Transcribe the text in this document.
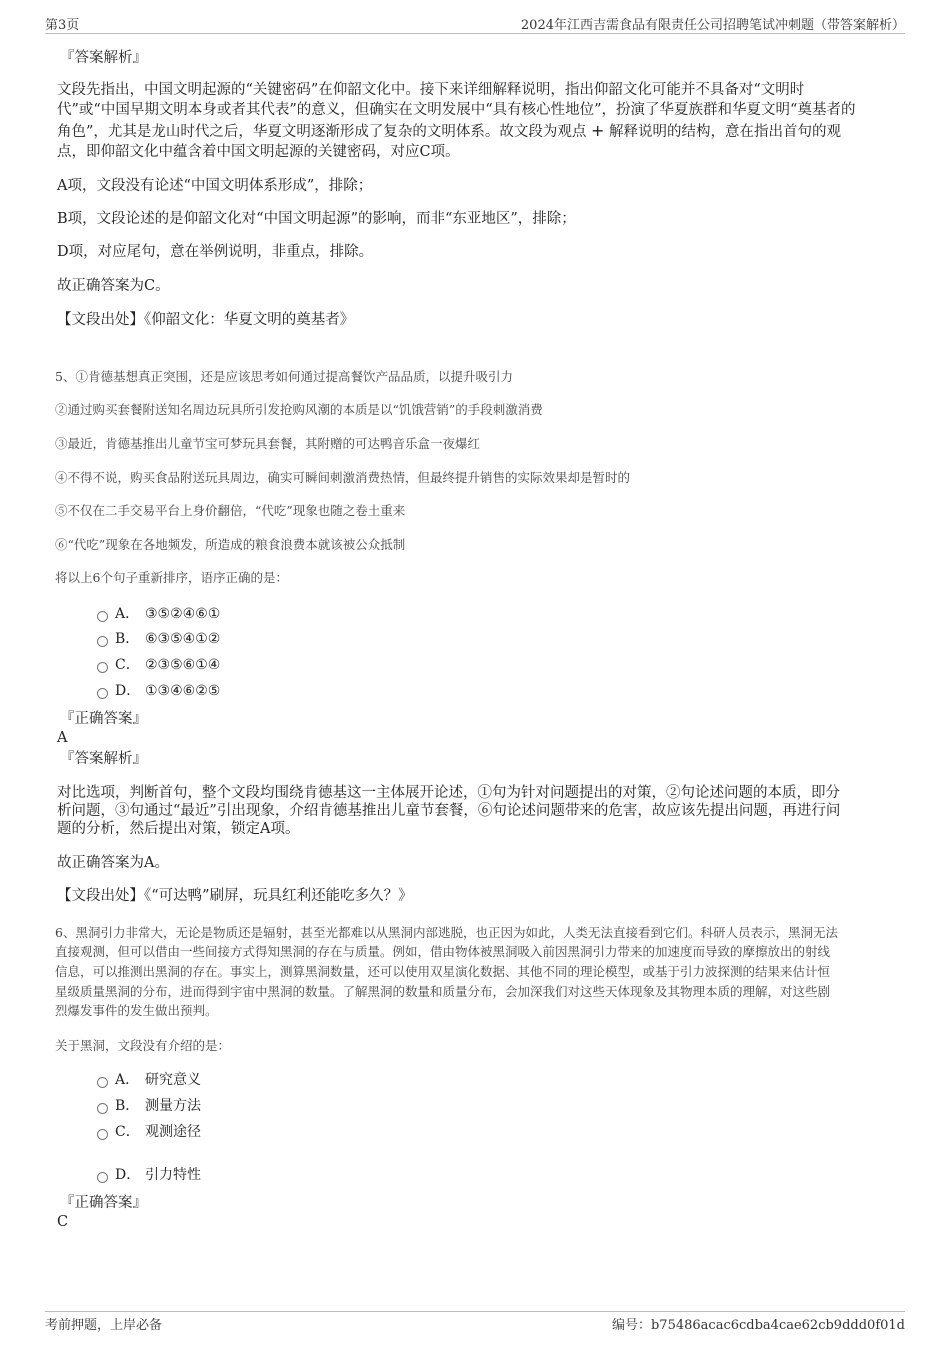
第3页	2024年江西吉需食品有限责任公司招聘笔试冲刺题（带答案解析）
『答案解析』
文段先指出，中国文明起源的“关键密码”在仰韶文化中。接下来详细解释说明，指出仰韶文化可能并不具备对“文明时
代”或“中国早期文明本身或者其代表”的意义，但确实在文明发展中“具有核心性地位”，扮演了华夏族群和华夏文明“奠基者的
角色”，尤其是龙山时代之后，华夏文明逐渐形成了复杂的文明体系。故文段为观点 + 解释说明的结构，意在指出首句的观
点，即仰韶文化中蕴含着中国文明起源的关键密码，对应C项。
A项，文段没有论述“中国文明体系形成”，排除；
B项，文段论述的是仰韶文化对“中国文明起源”的影响，而非“东亚地区”，排除；
D项，对应尾句，意在举例说明，非重点，排除。
故正确答案为C。
【文段出处】《仰韶文化：华夏文明的奠基者》
5、①肯德基想真正突围，还是应该思考如何通过提高餐饮产品品质，以提升吸引力
②通过购买套餐附送知名周边玩具所引发抢购风潮的本质是以“饥饿营销”的手段刺激消费
③最近，肯德基推出儿童节宝可梦玩具套餐，其附赠的可达鸭音乐盒一夜爆红
④不得不说，购买食品附送玩具周边，确实可瞬间刺激消费热情，但最终提升销售的实际效果却是暂时的
⑤不仅在二手交易平台上身价翻倍，“代吃”现象也随之卷土重来
⑥“代吃”现象在各地频发，所造成的粮食浪费本就该被公众抵制
将以上6个句子重新排序，语序正确的是：
A． ③⑤②④⑥①
B． ⑥③⑤④①②
C． ②③⑤⑥①④
D． ①③④⑥②⑤
『正确答案』
A
『答案解析』
对比选项，判断首句，整个文段均围绕肯德基这一主体展开论述，①句为针对问题提出的对策，②句论述问题的本质，即分
析问题，③句通过“最近”引出现象，介绍肯德基推出儿童节套餐，⑥句论述问题带来的危害，故应该先提出问题，再进行问
题的分析，然后提出对策，锁定A项。
故正确答案为A。
【文段出处】《“可达鸭”刷屏，玩具红利还能吃多久？》
6、黑洞引力非常大，无论是物质还是辐射，甚至光都难以从黑洞内部逃脱，也正因为如此，人类无法直接看到它们。科研人员表示，黑洞无法
直接观测，但可以借由一些间接方式得知黑洞的存在与质量。例如，借由物体被黑洞吸入前因黑洞引力带来的加速度而导致的摩擦放出的射线
信息，可以推测出黑洞的存在。事实上，测算黑洞数量，还可以使用双星演化数据、其他不同的理论模型，或基于引力波探测的结果来估计恒
星级质量黑洞的分布，进而得到宇宙中黑洞的数量。了解黑洞的数量和质量分布，会加深我们对这些天体现象及其物理本质的理解，对这些剧
烈爆发事件的发生做出预判。
关于黑洞，文段没有介绍的是：
A． 研究意义
B． 测量方法
C． 观测途径
D． 引力特性
『正确答案』
C
考前押题，上岸必备	编号：b75486acac6cdba4cae62cb9ddd0f01d
